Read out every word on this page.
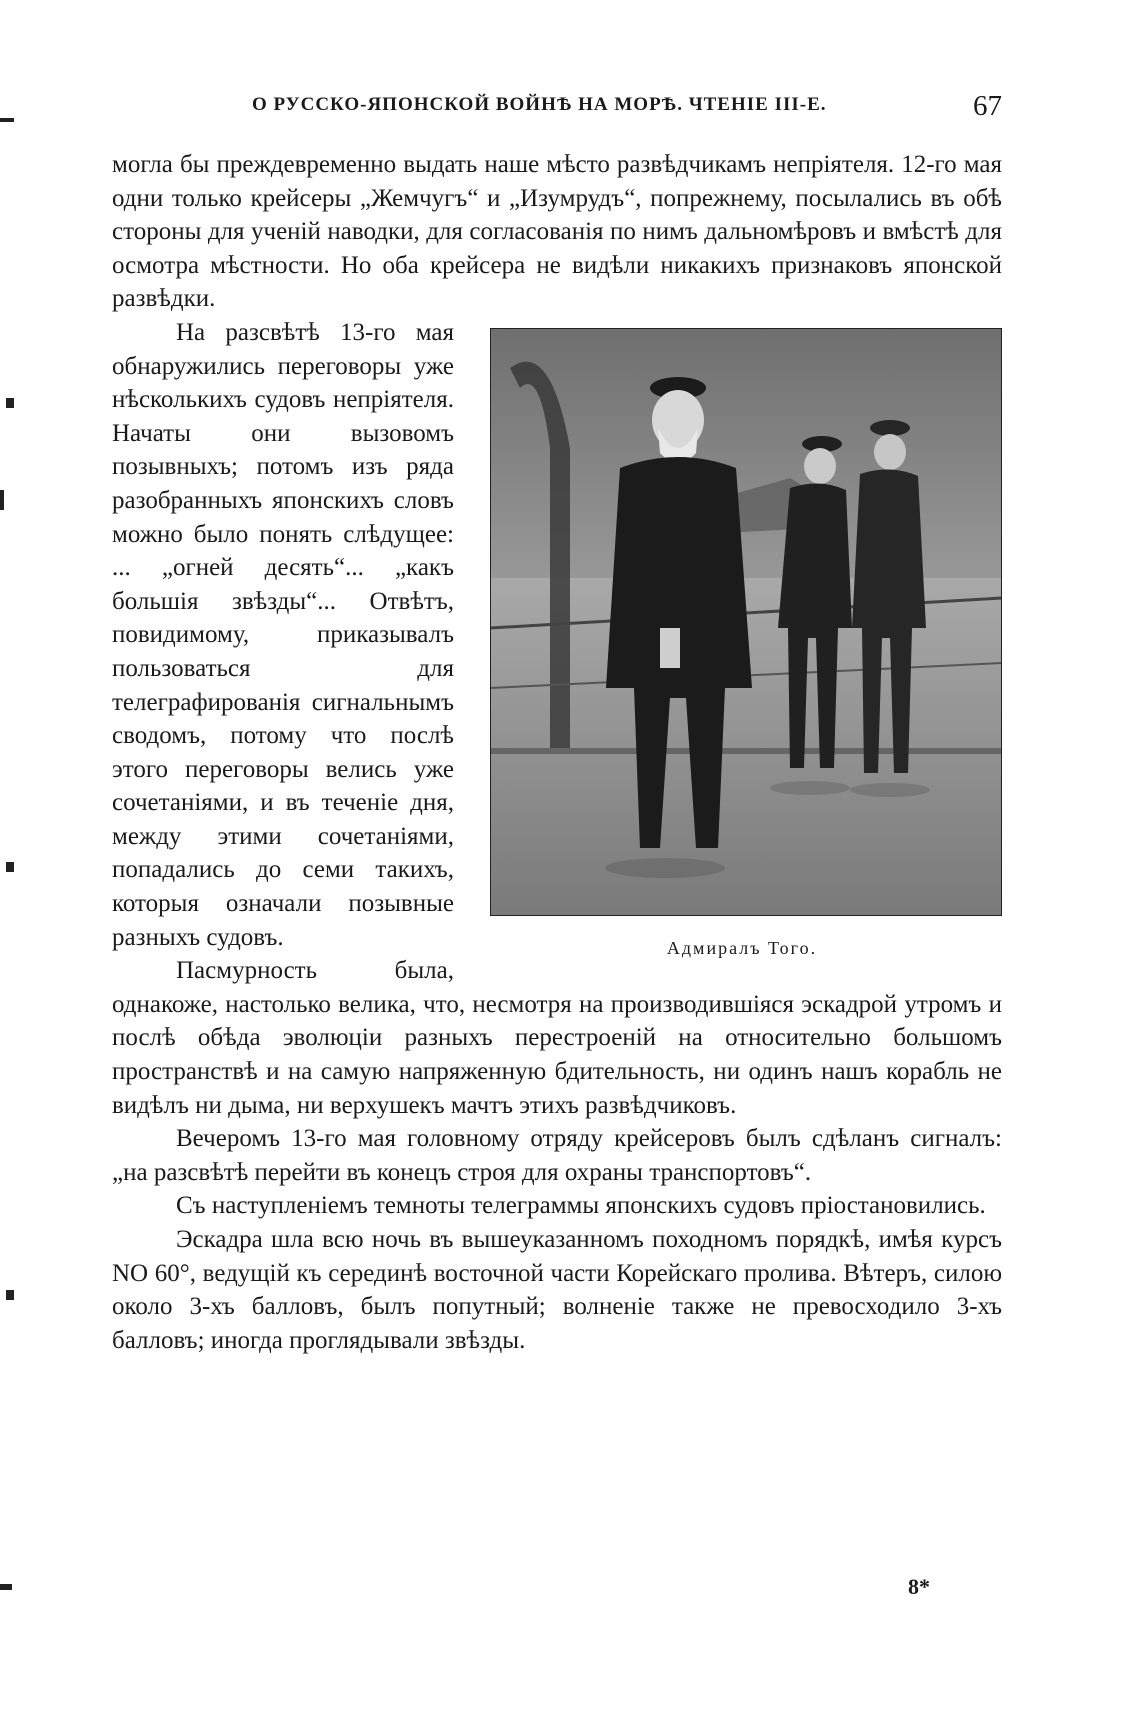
О РУССКО-ЯПОНСКОЙ ВОЙНѢ НА МОРѢ. ЧТЕНІЕ III-Е.	67

могла бы преждевременно выдать наше мѣсто развѣдчикамъ непріятеля. 12-го мая одни только крейсеры „Жемчугъ“ и „Изумрудъ“, попрежнему, посылались въ обѣ стороны для ученій наводки, для согласованія по нимъ дальномѣровъ и вмѣстѣ для осмотра мѣстности. Но оба крейсера не видѣли никакихъ признаковъ японской развѣдки.

Адмиралъ Того.

На разсвѣтѣ 13-го мая обнаружились переговоры уже нѣсколькихъ судовъ непріятеля. Начаты они вызовомъ позывныхъ; потомъ изъ ряда разобранныхъ японскихъ словъ можно было понять слѣдущее: ... „огней десять“... „какъ большія звѣзды“... Отвѣтъ, повидимому, приказывалъ пользоваться для телеграфированія сигнальнымъ сводомъ, потому что послѣ этого переговоры велись уже сочетаніями, и въ теченіе дня, между этими сочетаніями, попадались до семи такихъ, которыя означали позывные разныхъ судовъ.

Пасмурность была, однакоже, настолько велика, что, несмотря на производившіяся эскадрой утромъ и послѣ обѣда эволюціи разныхъ перестроеній на относительно большомъ пространствѣ и на самую напряженную бдительность, ни одинъ нашъ корабль не видѣлъ ни дыма, ни верхушекъ мачтъ этихъ развѣдчиковъ.

Вечеромъ 13-го мая головному отряду крейсеровъ былъ сдѣланъ сигналъ: „на разсвѣтѣ перейти въ конецъ строя для охраны транспортовъ“.

Съ наступленіемъ темноты телеграммы японскихъ судовъ пріостановились.

Эскадра шла всю ночь въ вышеуказанномъ походномъ порядкѣ, имѣя курсъ NO 60°, ведущій къ серединѣ восточной части Корейскаго пролива. Вѣтеръ, силою около 3-хъ балловъ, былъ попутный; волненіе также не превосходило 3-хъ балловъ; иногда проглядывали звѣзды.

8*
